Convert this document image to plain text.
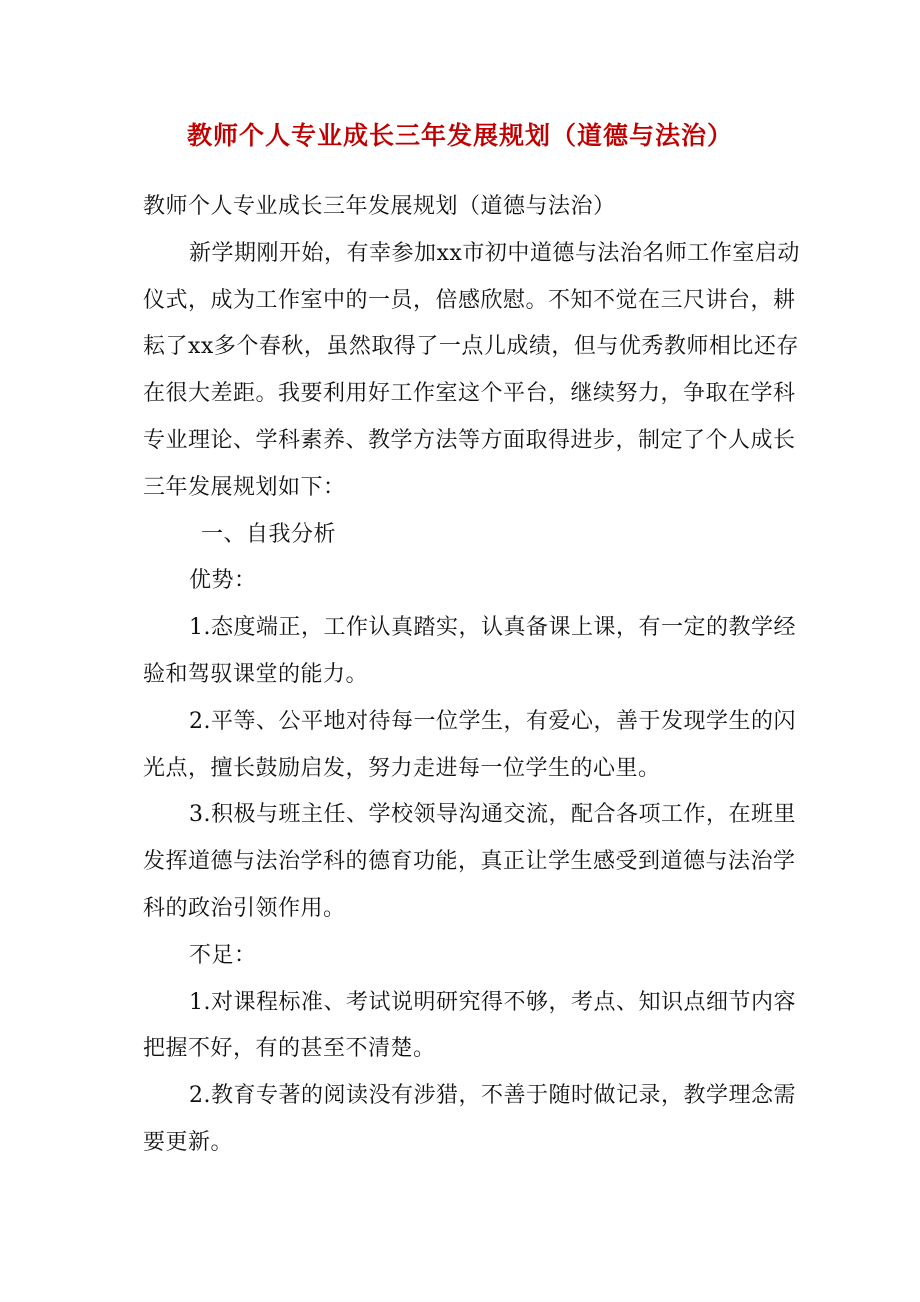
教师个人专业成长三年发展规划（道德与法治）

教师个人专业成长三年发展规划（道德与法治）

新学期刚开始，有幸参加xx市初中道德与法治名师工作室启动仪式，成为工作室中的一员，倍感欣慰。不知不觉在三尺讲台，耕耘了xx多个春秋，虽然取得了一点儿成绩，但与优秀教师相比还存在很大差距。我要利用好工作室这个平台，继续努力，争取在学科专业理论、学科素养、教学方法等方面取得进步，制定了个人成长三年发展规划如下：

一、自我分析

优势：

1.态度端正，工作认真踏实，认真备课上课，有一定的教学经验和驾驭课堂的能力。

2.平等、公平地对待每一位学生，有爱心，善于发现学生的闪光点，擅长鼓励启发，努力走进每一位学生的心里。

3.积极与班主任、学校领导沟通交流，配合各项工作，在班里发挥道德与法治学科的德育功能，真正让学生感受到道德与法治学科的政治引领作用。

不足：

1.对课程标准、考试说明研究得不够，考点、知识点细节内容把握不好，有的甚至不清楚。

2.教育专著的阅读没有涉猎，不善于随时做记录，教学理念需要更新。
